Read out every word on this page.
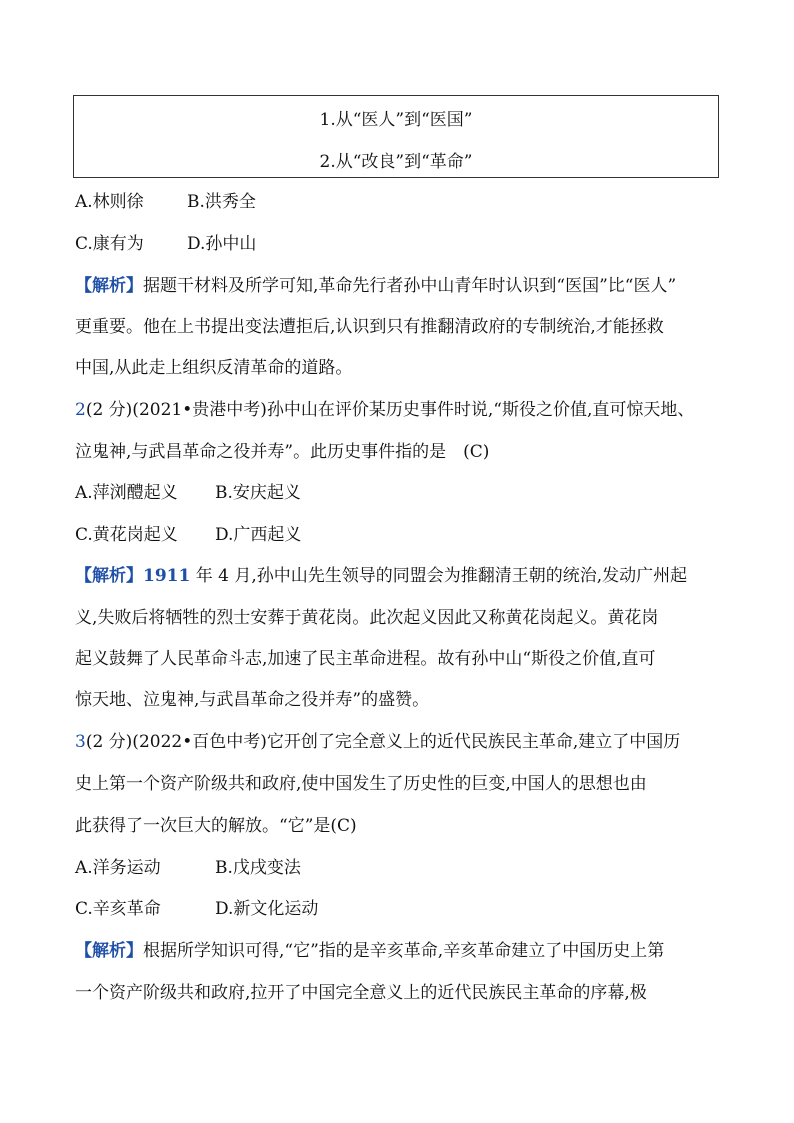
1.从“医人”到“医国”
2.从“改良”到“革命”
A.林则徐	B.洪秀全
C.康有为	D.孙中山
【解析】据题干材料及所学可知,革命先行者孙中山青年时认识到“医国”比“医人”
更重要。他在上书提出变法遭拒后,认识到只有推翻清政府的专制统治,才能拯救
中国,从此走上组织反清革命的道路。
2(2 分)(2021•贵港中考)孙中山在评价某历史事件时说,“斯役之价值,直可惊天地、
泣鬼神,与武昌革命之役并寿”。此历史事件指的是　(C)
A.萍浏醴起义 B.安庆起义
C.黄花岗起义 D.广西起义
【解析】1911 年 4 月,孙中山先生领导的同盟会为推翻清王朝的统治,发动广州起
义,失败后将牺牲的烈士安葬于黄花岗。此次起义因此又称黄花岗起义。黄花岗
起义鼓舞了人民革命斗志,加速了民主革命进程。故有孙中山“斯役之价值,直可
惊天地、泣鬼神,与武昌革命之役并寿”的盛赞。
3(2 分)(2022•百色中考)它开创了完全意义上的近代民族民主革命,建立了中国历
史上第一个资产阶级共和政府,使中国发生了历史性的巨变,中国人的思想也由
此获得了一次巨大的解放。“它”是(C)
A.洋务运动	B.戊戌变法
C.辛亥革命	D.新文化运动
【解析】根据所学知识可得,“它”指的是辛亥革命,辛亥革命建立了中国历史上第
一个资产阶级共和政府,拉开了中国完全意义上的近代民族民主革命的序幕,极
